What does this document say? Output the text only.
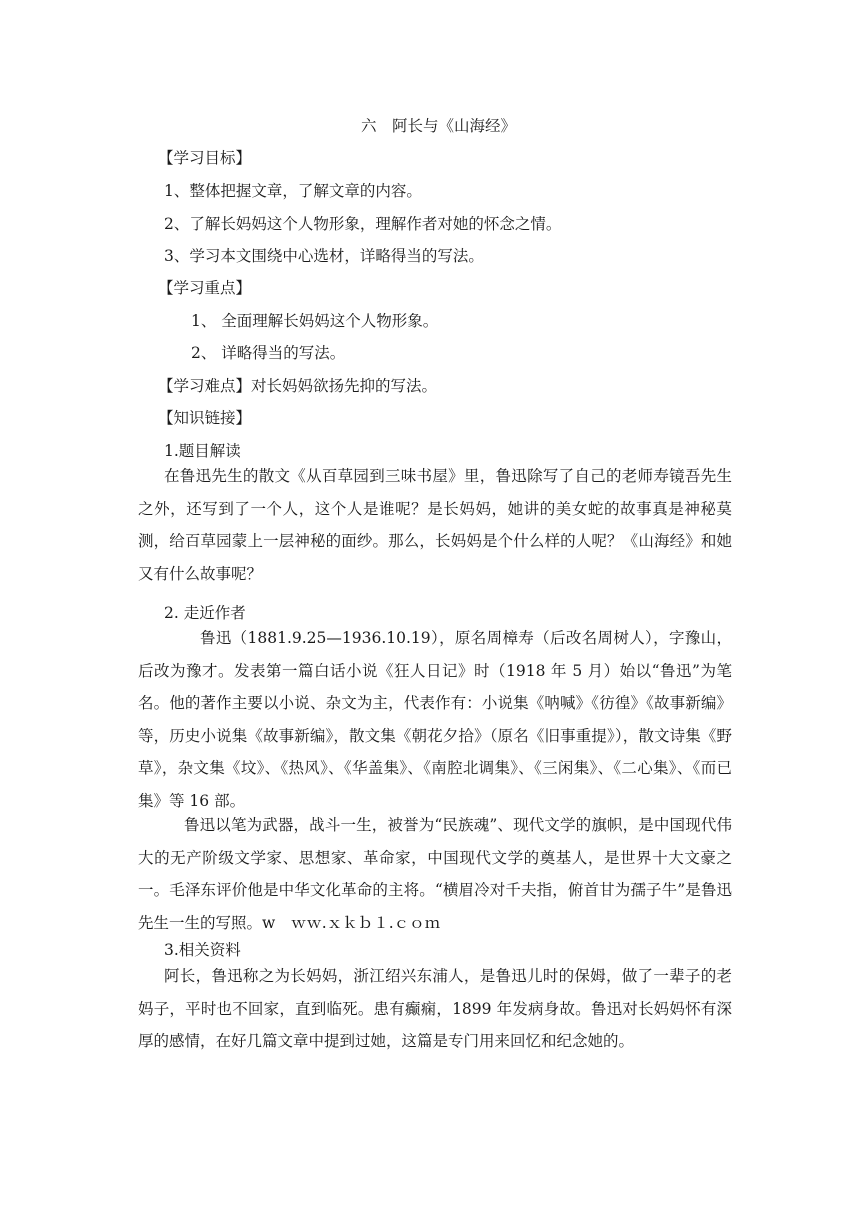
六　阿长与《山海经》
【学习目标】
1、整体把握文章，了解文章的内容。
2、了解长妈妈这个人物形象，理解作者对她的怀念之情。
3、学习本文围绕中心选材，详略得当的写法。
【学习重点】
1、 全面理解长妈妈这个人物形象。
2、 详略得当的写法。
【学习难点】对长妈妈欲扬先抑的写法。
【知识链接】
1.题目解读
在鲁迅先生的散文《从百草园到三味书屋》里，鲁迅除写了自己的老师寿镜吾先生之外，还写到了一个人，这个人是谁呢？是长妈妈，她讲的美女蛇的故事真是神秘莫测，给百草园蒙上一层神秘的面纱。那么，长妈妈是个什么样的人呢？《山海经》和她又有什么故事呢？
2. 走近作者
鲁迅（1881.9.25—1936.10.19），原名周樟寿（后改名周树人），字豫山，后改为豫才。发表第一篇白话小说《狂人日记》时（1918 年 5 月）始以“鲁迅”为笔名。他的著作主要以小说、杂文为主，代表作有：小说集《呐喊》《彷徨》《故事新编》等，历史小说集《故事新编》，散文集《朝花夕拾》（原名《旧事重提》），散文诗集《野草》，杂文集《坟》、《热风》、《华盖集》、《南腔北调集》、《三闲集》、《二心集》、《而已集》等 16 部。
鲁迅以笔为武器，战斗一生，被誉为“民族魂”、现代文学的旗帜，是中国现代伟大的无产阶级文学家、思想家、革命家，中国现代文学的奠基人，是世界十大文豪之一。毛泽东评价他是中华文化革命的主将。“横眉冷对千夫指，俯首甘为孺子牛”是鲁迅先生一生的写照。w　ｗｗ.ｘｋｂ１.ｃｏｍ
3.相关资料
阿长，鲁迅称之为长妈妈，浙江绍兴东浦人，是鲁迅儿时的保姆，做了一辈子的老妈子，平时也不回家，直到临死。患有癫痫，1899 年发病身故。鲁迅对长妈妈怀有深厚的感情，在好几篇文章中提到过她，这篇是专门用来回忆和纪念她的。
